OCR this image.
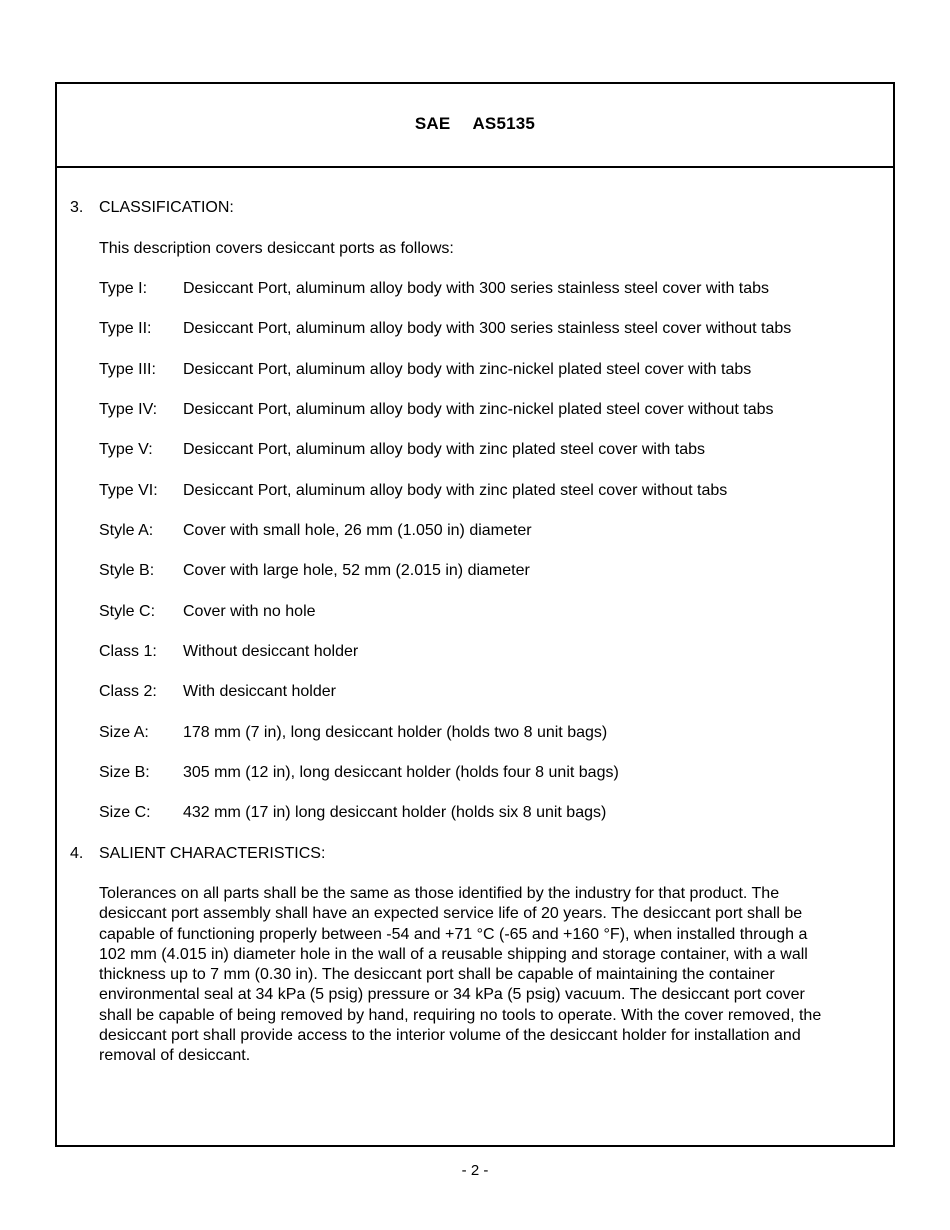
SAE AS5135
3. CLASSIFICATION:
This description covers desiccant ports as follows:
Type I: Desiccant Port, aluminum alloy body with 300 series stainless steel cover with tabs
Type II: Desiccant Port, aluminum alloy body with 300 series stainless steel cover without tabs
Type III: Desiccant Port, aluminum alloy body with zinc-nickel plated steel cover with tabs
Type IV: Desiccant Port, aluminum alloy body with zinc-nickel plated steel cover without tabs
Type V: Desiccant Port, aluminum alloy body with zinc plated steel cover with tabs
Type VI: Desiccant Port, aluminum alloy body with zinc plated steel cover without tabs
Style A: Cover with small hole, 26 mm (1.050 in) diameter
Style B: Cover with large hole, 52 mm (2.015 in) diameter
Style C: Cover with no hole
Class 1: Without desiccant holder
Class 2: With desiccant holder
Size A: 178 mm (7 in), long desiccant holder (holds two 8 unit bags)
Size B: 305 mm (12 in), long desiccant holder (holds four 8 unit bags)
Size C: 432 mm (17 in) long desiccant holder (holds six 8 unit bags)
4. SALIENT CHARACTERISTICS:
Tolerances on all parts shall be the same as those identified by the industry for that product. The
desiccant port assembly shall have an expected service life of 20 years. The desiccant port shall be
capable of functioning properly between -54 and +71 °C (-65 and +160 °F), when installed through a
102 mm (4.015 in) diameter hole in the wall of a reusable shipping and storage container, with a wall
thickness up to 7 mm (0.30 in). The desiccant port shall be capable of maintaining the container
environmental seal at 34 kPa (5 psig) pressure or 34 kPa (5 psig) vacuum. The desiccant port cover
shall be capable of being removed by hand, requiring no tools to operate. With the cover removed, the
desiccant port shall provide access to the interior volume of the desiccant holder for installation and
removal of desiccant.
- 2 -
